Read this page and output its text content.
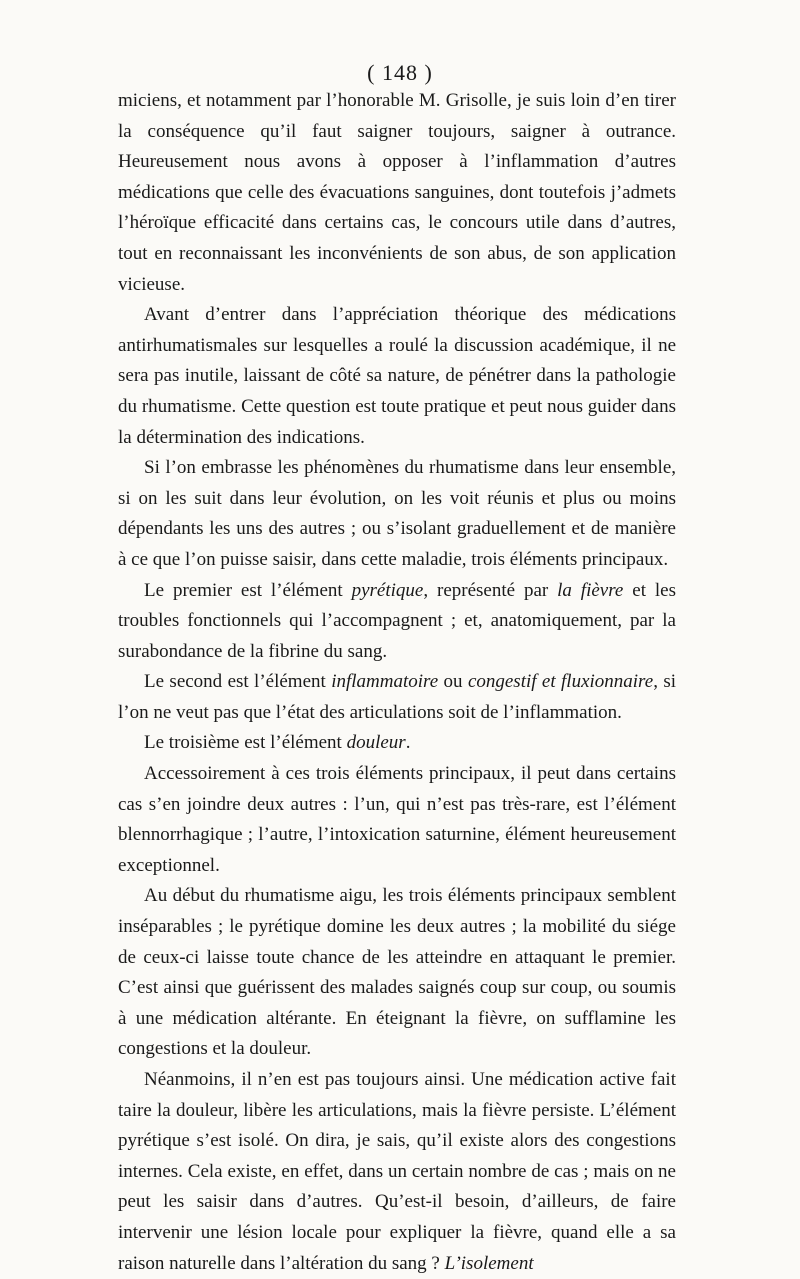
( 148 )

miciens, et notamment par l’honorable M. Grisolle, je suis loin d’en tirer la conséquence qu’il faut saigner toujours, saigner à outrance. Heureusement nous avons à opposer à l’inflammation d’autres médications que celle des évacuations sanguines, dont toutefois j’admets l’héroïque efficacité dans certains cas, le concours utile dans d’autres, tout en reconnaissant les inconvénients de son abus, de son application vicieuse.

Avant d’entrer dans l’appréciation théorique des médications antirhumatismales sur lesquelles a roulé la discussion académique, il ne sera pas inutile, laissant de côté sa nature, de pénétrer dans la pathologie du rhumatisme. Cette question est toute pratique et peut nous guider dans la détermination des indications.

Si l’on embrasse les phénomènes du rhumatisme dans leur ensemble, si on les suit dans leur évolution, on les voit réunis et plus ou moins dépendants les uns des autres ; ou s’isolant graduellement et de manière à ce que l’on puisse saisir, dans cette maladie, trois éléments principaux.

Le premier est l’élément pyrétique, représenté par la fièvre et les troubles fonctionnels qui l’accompagnent ; et, anatomiquement, par la surabondance de la fibrine du sang.

Le second est l’élément inflammatoire ou congestif et fluxionnaire, si l’on ne veut pas que l’état des articulations soit de l’inflammation.

Le troisième est l’élément douleur.

Accessoirement à ces trois éléments principaux, il peut dans certains cas s’en joindre deux autres : l’un, qui n’est pas très-rare, est l’élément blennorrhagique ; l’autre, l’intoxication saturnine, élément heureusement exceptionnel.

Au début du rhumatisme aigu, les trois éléments principaux semblent inséparables ; le pyrétique domine les deux autres ; la mobilité du siége de ceux-ci laisse toute chance de les atteindre en attaquant le premier. C’est ainsi que guérissent des malades saignés coup sur coup, ou soumis à une médication altérante. En éteignant la fièvre, on sufflamine les congestions et la douleur.

Néanmoins, il n’en est pas toujours ainsi. Une médication active fait taire la douleur, libère les articulations, mais la fièvre persiste. L’élément pyrétique s’est isolé. On dira, je sais, qu’il existe alors des congestions internes. Cela existe, en effet, dans un certain nombre de cas ; mais on ne peut les saisir dans d’autres. Qu’est-il besoin, d’ailleurs, de faire intervenir une lésion locale pour expliquer la fièvre, quand elle a sa raison naturelle dans l’altération du sang ? L’isolement
